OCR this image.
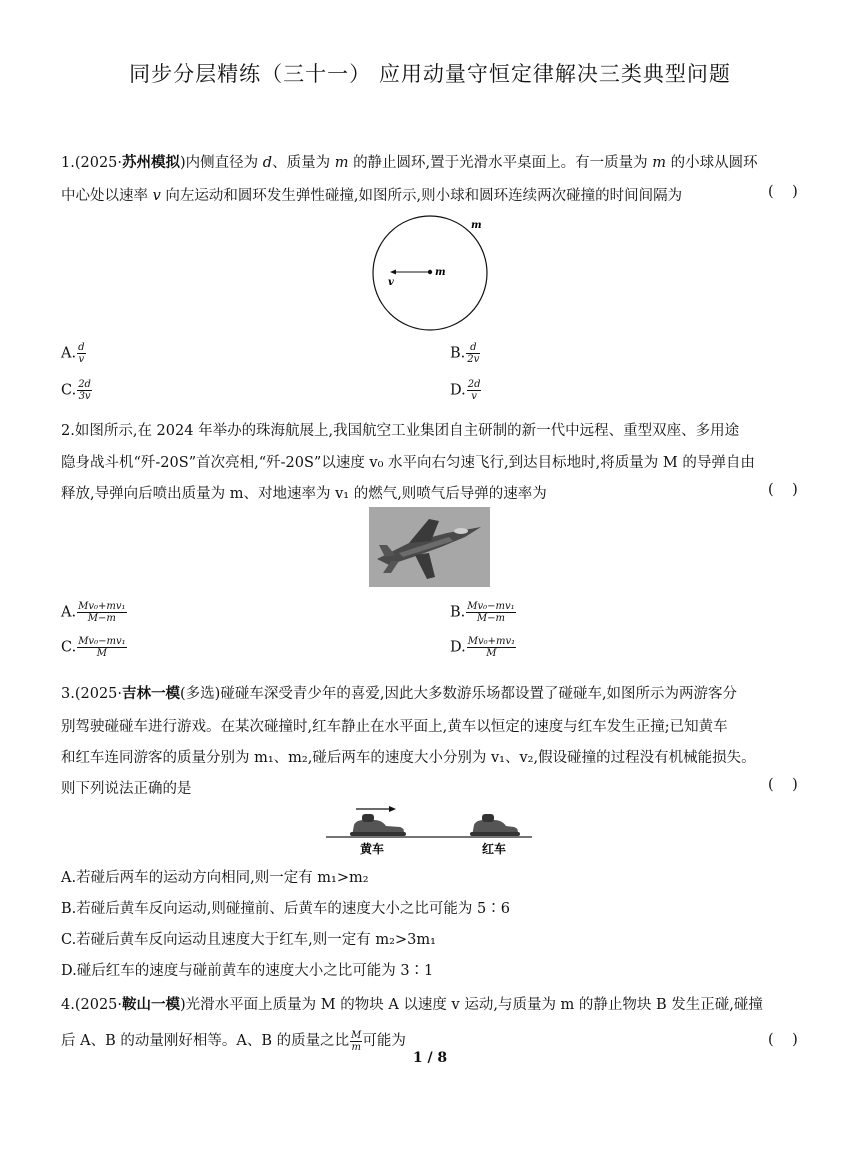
同步分层精练（三十一） 应用动量守恒定律解决三类典型问题
1.(2025·苏州模拟)内侧直径为 d、质量为 m 的静止圆环,置于光滑水平桌面上。有一质量为 m 的小球从圆环
中心处以速率 v 向左运动和圆环发生弹性碰撞,如图所示,则小球和圆环连续两次碰撞的时间间隔为	(    )
m
m
v
A. $\frac{d}{v}$	B. $\frac{d}{2v}$
C. $\frac{2d}{3v}$	D. $\frac{2d}{v}$
2.如图所示,在 2024 年举办的珠海航展上,我国航空工业集团自主研制的新一代中远程、重型双座、多用途
隐身战斗机“歼-20S”首次亮相,“歼-20S”以速度 v₀ 水平向右匀速飞行,到达目标地时,将质量为 M 的导弹自由
释放,导弹向后喷出质量为 m、对地速率为 v₁ 的燃气,则喷气后导弹的速率为	(    )
A. $\frac{\text{Mv₀+mv₁}}{M-m}$	B. $\frac{\text{Mv₀−mv₁}}{M-m}$
C. $\frac{\text{Mv₀−mv₁}}{M}$	D. $\frac{\text{Mv₀+mv₁}}{M}$
3.(2025·吉林一模(多选)碰碰车深受青少年的喜爱,因此大多数游乐场都设置了碰碰车,如图所示为两游客分
别驾驶碰碰车进行游戏。在某次碰撞时,红车静止在水平面上,黄车以恒定的速度与红车发生正撞;已知黄车
和红车连同游客的质量分别为 m₁、m₂,碰后两车的速度大小分别为 v₁、v₂,假设碰撞的过程没有机械能损失。
则下列说法正确的是	(    )
黄车	红车
A.若碰后两车的运动方向相同,则一定有 m₁>m₂
B.若碰后黄车反向运动,则碰撞前、后黄车的速度大小之比可能为 5∶6
C.若碰后黄车反向运动且速度大于红车,则一定有 m₂>3m₁
D.碰后红车的速度与碰前黄车的速度大小之比可能为 3∶1
4.(2025·鞍山一模)光滑水平面上质量为 M 的物块 A 以速度 v 运动,与质量为 m 的静止物块 B 发生正碰,碰撞
后 A、B 的动量刚好相等。A、B 的质量之比 $\frac{M}{m}$ 可能为	(    )
1 / 8
